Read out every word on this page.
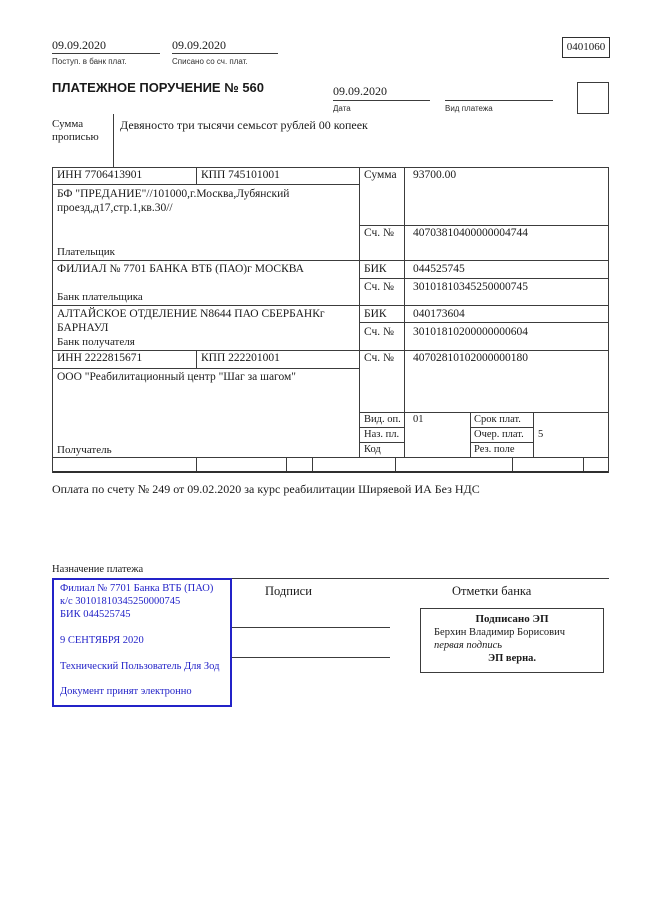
09.09.2020
Поступ. в банк плат.
09.09.2020
Списано со сч. плат.
0401060
ПЛАТЕЖНОЕ ПОРУЧЕНИЕ № 560	09.09.2020
Дата	Вид платежа
Сумма прописью
Девяносто три тысячи семьсот рублей 00 копеек
ИНН 7706413901	КПП 745101001	Сумма 93700.00
БФ "ПРЕДАНИЕ"//101000,г.Москва,Лубянский проезд,д17,стр.1,кв.30//
Сч. № 40703810400000004744
Плательщик
ФИЛИАЛ № 7701 БАНКА ВТБ (ПАО)г МОСКВА	БИК 044525745
Сч. № 30101810345250000745
Банк плательщика
АЛТАЙСКОЕ ОТДЕЛЕНИЕ N8644 ПАО СБЕРБАНКг БАРНАУЛ
БИК 040173604
Сч. № 30101810200000000604
Банк получателя
ИНН 2222815671	КПП 222201001	Сч. № 40702810102000000180
ООО "Реабилитационный центр "Шаг за шагом"
Вид. оп. 01	Срок плат.
Наз. пл.	Очер. плат. 5
Код	Рез. поле
Получатель
Оплата по счету № 249 от 09.02.2020 за курс реабилитации Ширяевой ИА Без НДС
Назначение платежа
Подписи	Отметки банка
Филиал № 7701 Банка ВТБ (ПАО)
к/с 30101810345250000745
БИК 044525745
9 СЕНТЯБРЯ 2020
Технический Пользователь Для Зод
Документ принят электронно
Подписано ЭП
Берхин Владимир Борисович
первая подпись
ЭП верна.
